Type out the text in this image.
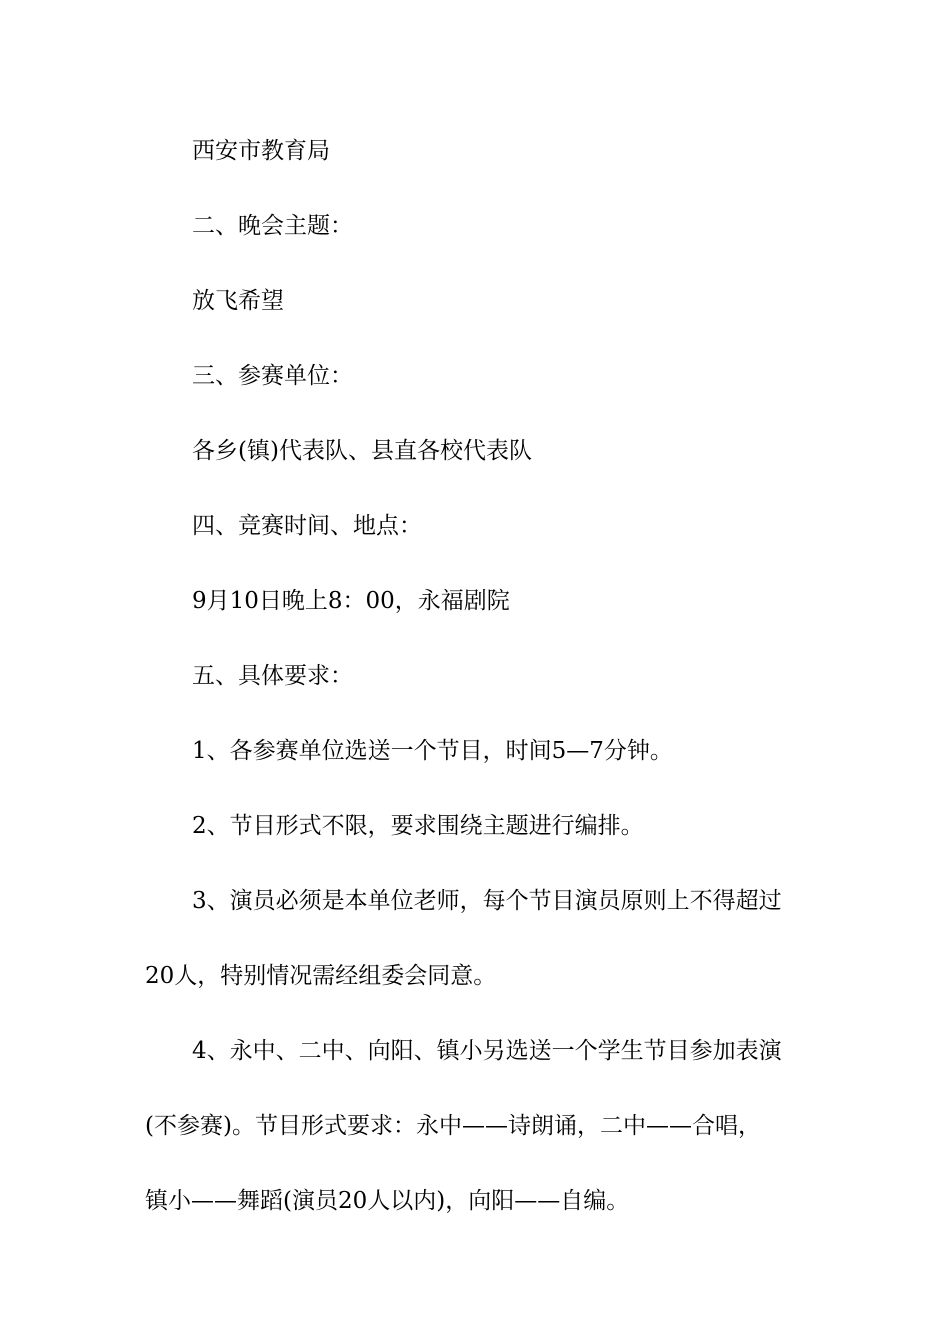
西安市教育局
二、晚会主题：
放飞希望
三、参赛单位：
各乡(镇)代表队、县直各校代表队
四、竞赛时间、地点：
9月10日晚上8：00，永福剧院
五、具体要求：
1、各参赛单位选送一个节目，时间5—7分钟。
2、节目形式不限，要求围绕主题进行编排。
3、演员必须是本单位老师，每个节目演员原则上不得超过
20人，特别情况需经组委会同意。
4、永中、二中、向阳、镇小另选送一个学生节目参加表演
(不参赛)。节目形式要求：永中——诗朗诵，二中——合唱，
镇小——舞蹈(演员20人以内)，向阳——自编。
